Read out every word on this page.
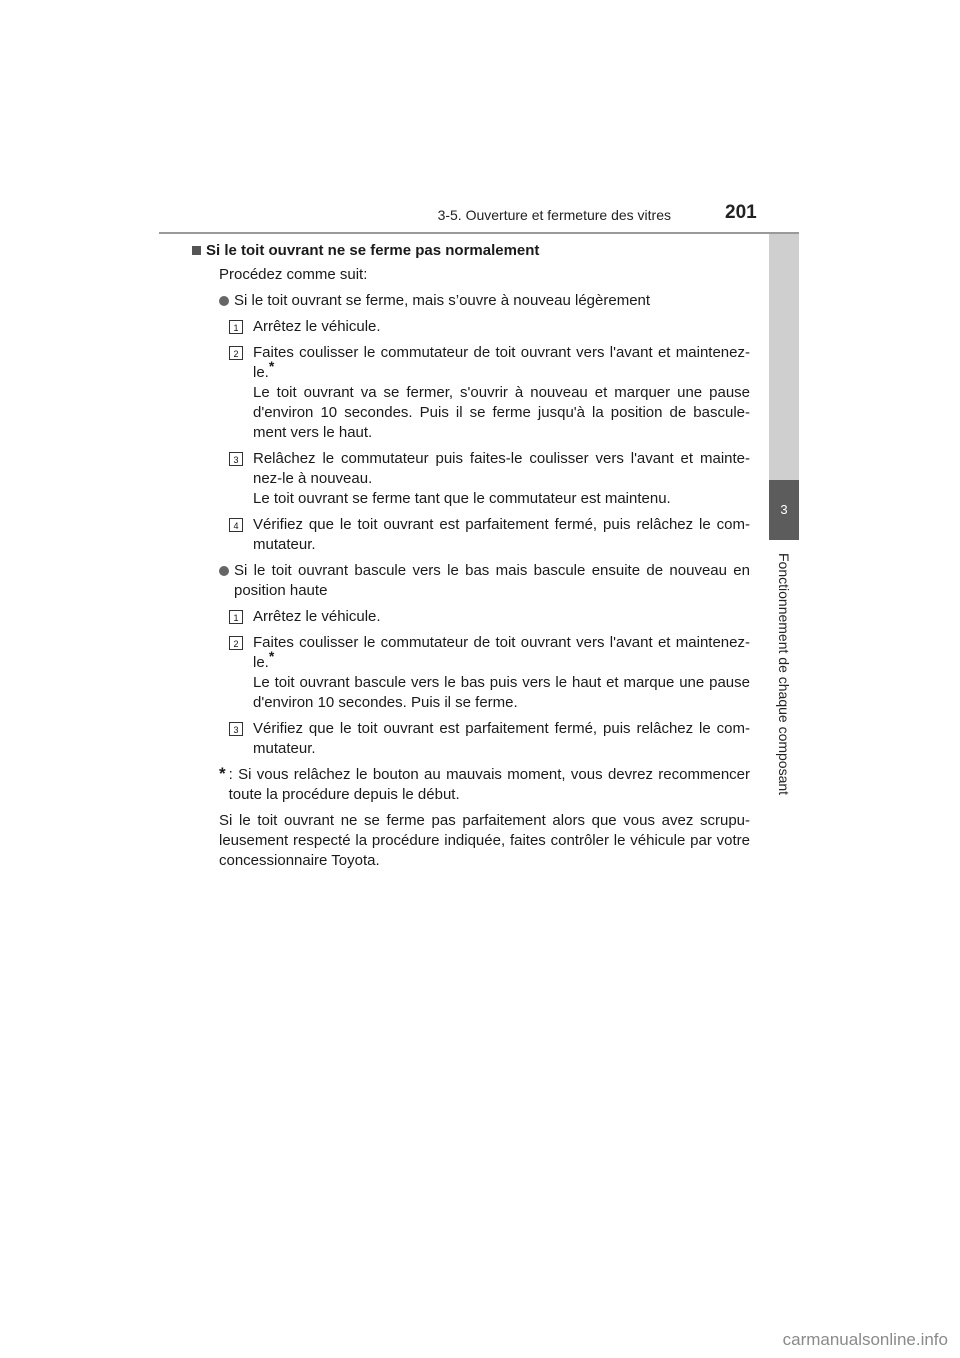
3-5. Ouverture et fermeture des vitres	201
3
Fonctionnement de chaque composant
Si le toit ouvrant ne se ferme pas normalement
Procédez comme suit:
Si le toit ouvrant se ferme, mais s’ouvre à nouveau légèrement
1 Arrêtez le véhicule.
2 Faites coulisser le commutateur de toit ouvrant vers l'avant et maintenez-le.*
Le toit ouvrant va se fermer, s'ouvrir à nouveau et marquer une pause d'environ 10 secondes. Puis il se ferme jusqu'à la position de bascule-ment vers le haut.
3 Relâchez le commutateur puis faites-le coulisser vers l'avant et mainte-nez-le à nouveau.
Le toit ouvrant se ferme tant que le commutateur est maintenu.
4 Vérifiez que le toit ouvrant est parfaitement fermé, puis relâchez le com-mutateur.
Si le toit ouvrant bascule vers le bas mais bascule ensuite de nouveau en position haute
1 Arrêtez le véhicule.
2 Faites coulisser le commutateur de toit ouvrant vers l'avant et maintenez-le.*
Le toit ouvrant bascule vers le bas puis vers le haut et marque une pause d'environ 10 secondes. Puis il se ferme.
3 Vérifiez que le toit ouvrant est parfaitement fermé, puis relâchez le com-mutateur.
* : Si vous relâchez le bouton au mauvais moment, vous devrez recommencer toute la procédure depuis le début.
Si le toit ouvrant ne se ferme pas parfaitement alors que vous avez scrupu-leusement respecté la procédure indiquée, faites contrôler le véhicule par votre concessionnaire Toyota.
carmanualsonline.info
